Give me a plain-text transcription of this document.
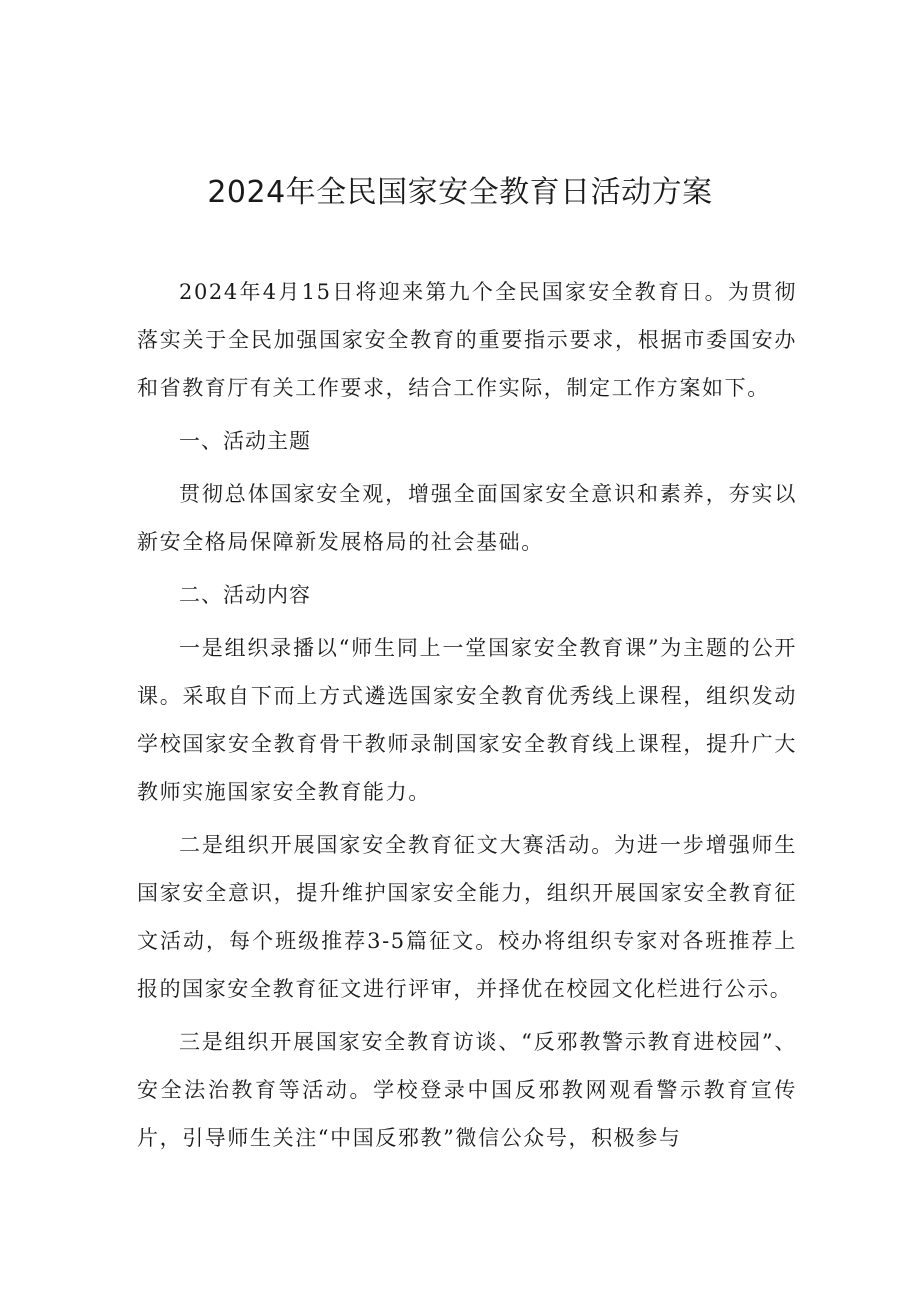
2024年全民国家安全教育日活动方案

2024年4月15日将迎来第九个全民国家安全教育日。为贯彻落实关于全民加强国家安全教育的重要指示要求，根据市委国安办和省教育厅有关工作要求，结合工作实际，制定工作方案如下。

一、活动主题

贯彻总体国家安全观，增强全面国家安全意识和素养，夯实以新安全格局保障新发展格局的社会基础。

二、活动内容

一是组织录播以“师生同上一堂国家安全教育课”为主题的公开课。采取自下而上方式遴选国家安全教育优秀线上课程，组织发动学校国家安全教育骨干教师录制国家安全教育线上课程，提升广大教师实施国家安全教育能力。

二是组织开展国家安全教育征文大赛活动。为进一步增强师生国家安全意识，提升维护国家安全能力，组织开展国家安全教育征文活动，每个班级推荐3-5篇征文。校办将组织专家对各班推荐上报的国家安全教育征文进行评审，并择优在校园文化栏进行公示。

三是组织开展国家安全教育访谈、“反邪教警示教育进校园”、安全法治教育等活动。学校登录中国反邪教网观看警示教育宣传片，引导师生关注“中国反邪教”微信公众号，积极参与
